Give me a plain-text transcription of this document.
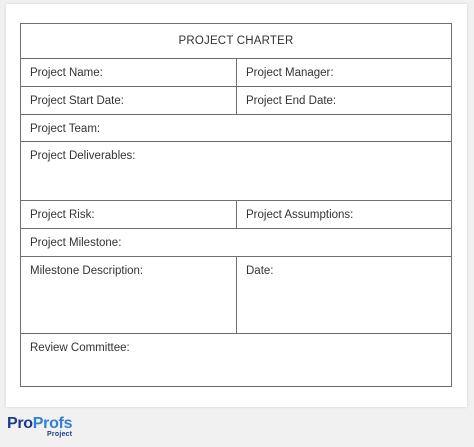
PROJECT CHARTER
Project Name:	Project Manager:
Project Start Date:	Project End Date:
Project Team:
Project Deliverables:
Project Risk:	Project Assumptions:
Project Milestone:
Milestone Description:	Date:
Review Committee:
ProProfs
Project
